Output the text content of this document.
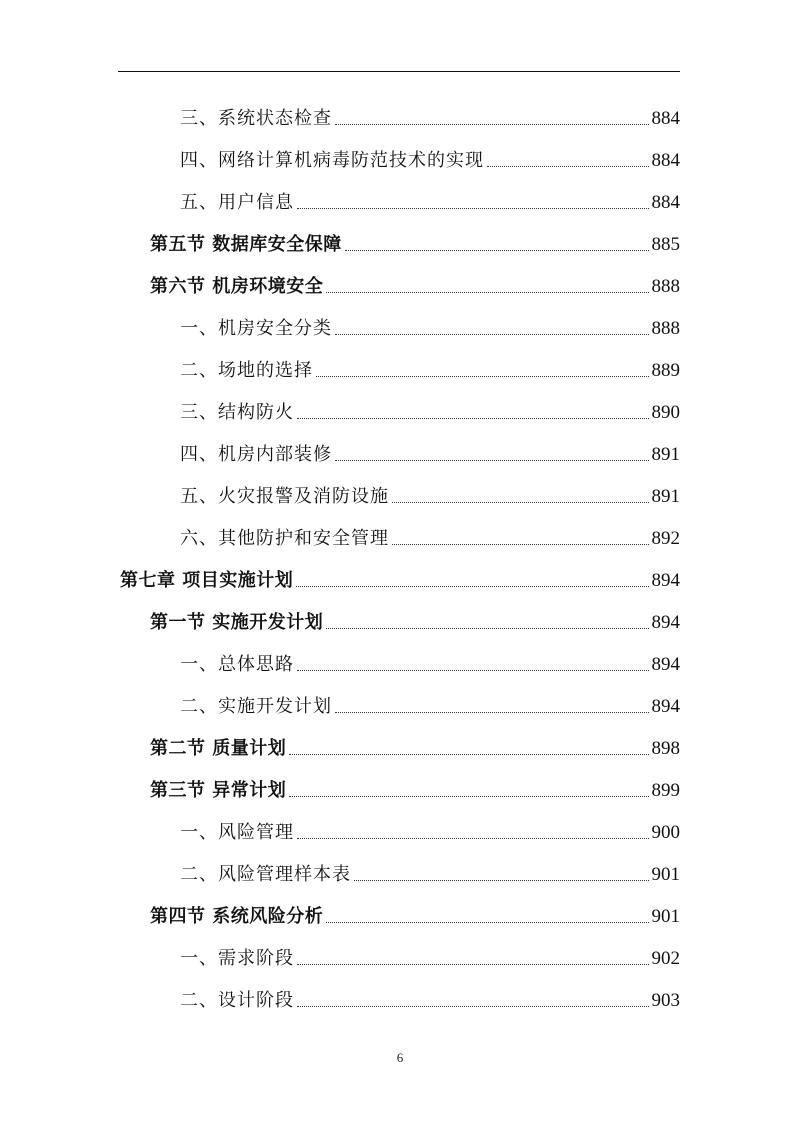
三、系统状态检查	884
四、网络计算机病毒防范技术的实现	884
五、用户信息	884
第五节 数据库安全保障	885
第六节 机房环境安全	888
一、机房安全分类	888
二、场地的选择	889
三、结构防火	890
四、机房内部装修	891
五、火灾报警及消防设施	891
六、其他防护和安全管理	892
第七章 项目实施计划	894
第一节 实施开发计划	894
一、总体思路	894
二、实施开发计划	894
第二节 质量计划	898
第三节 异常计划	899
一、风险管理	900
二、风险管理样本表	901
第四节 系统风险分析	901
一、需求阶段	902
二、设计阶段	903
6
